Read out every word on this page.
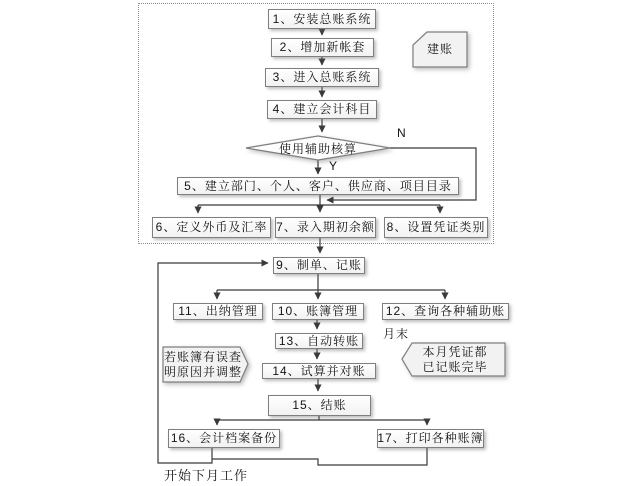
1、安装总账系统
2、增加新帐套
3、进入总账系统
4、建立会计科目
使用辅助核算
5、建立部门、个人、客户、供应商、项目目录
6、定义外币及汇率 7、录入期初余额 8、设置凭证类别
9、制单、记账
10、账簿管理
11、出纳管理	12、查询各种辅助账
13、自动转账
14、试算并对账
15、结账
16、会计档案备份	17、打印各种账簿
N
Y
月末
开始下月工作
建账
若账簿有误查
明原因并调整
本月凭证都
已记账完毕
